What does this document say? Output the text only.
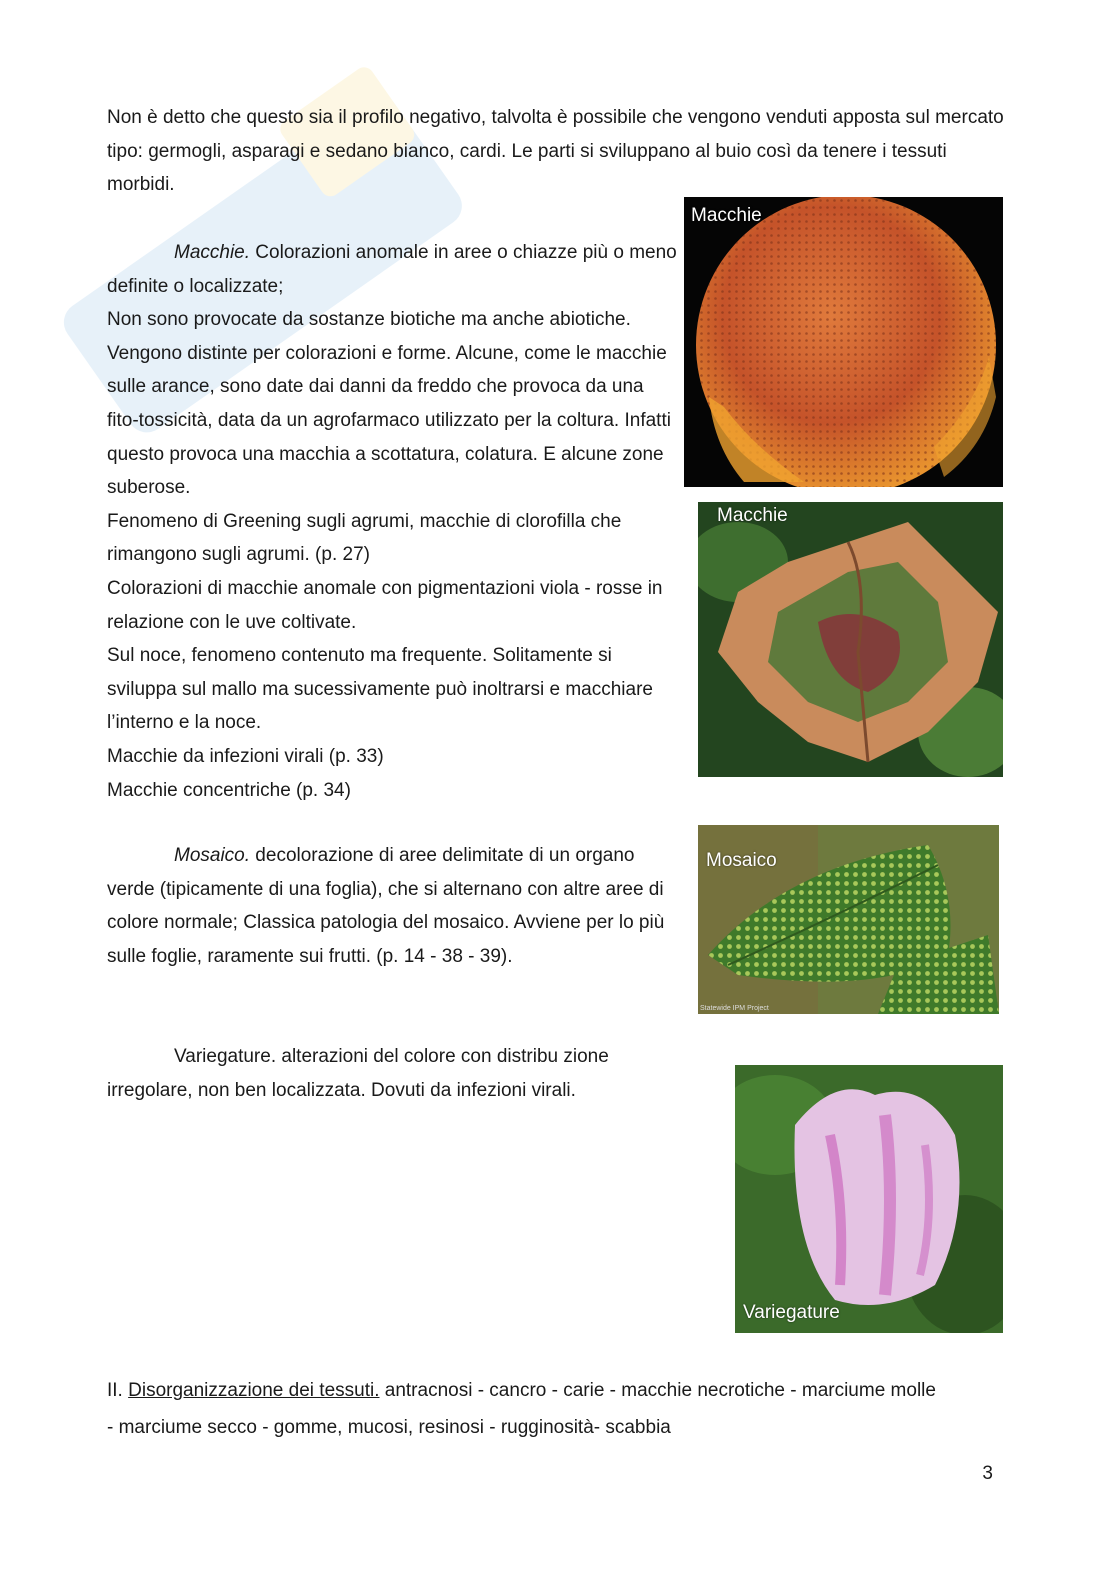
Non è detto che questo sia il profilo negativo, talvolta è possibile che vengono venduti apposta sul mercato tipo: germogli, asparagi e sedano bianco, cardi. Le parti si sviluppano al buio così da tenere i tessuti morbidi.

Macchie. Colorazioni anomale in aree o chiazze più o meno definite o localizzate;

Non sono provocate da sostanze biotiche ma anche abiotiche. Vengono distinte per colorazioni e forme. Alcune, come le macchie sulle arance, sono date dai danni da freddo che provoca da una fito-tossicità, data da un agrofarmaco utilizzato per la coltura. Infatti questo provoca una macchia a scottatura, colatura. E alcune zone suberose.

Fenomeno di Greening sugli agrumi, macchie di clorofilla che rimangono sugli agrumi. (p. 27)

Colorazioni di macchie anomale con pigmentazioni viola - rosse in relazione con le uve coltivate.

Sul noce, fenomeno contenuto ma frequente. Solitamente si sviluppa sul mallo ma sucessivamente può inoltrarsi e macchiare l’interno e la noce.

Macchie da infezioni virali (p. 33)

Macchie concentriche (p. 34)

Mosaico. decolorazione di aree delimitate di un organo verde (tipicamente di una foglia), che si alternano con altre aree di colore normale; Classica patologia del mosaico. Avviene per lo più sulle foglie, raramente sui frutti. (p. 14 - 38 - 39).

Variegature. alterazioni del colore con distribu zione irregolare, non ben localizzata. Dovuti da infezioni virali.

Macchie
Macchie
Mosaico
Statewide IPM Project
Variegature

II. Disorganizzazione dei tessuti. antracnosi - cancro - carie - macchie necrotiche - marciume molle

- marciume secco - gomme, mucosi, resinosi - rugginosità- scabbia

3
